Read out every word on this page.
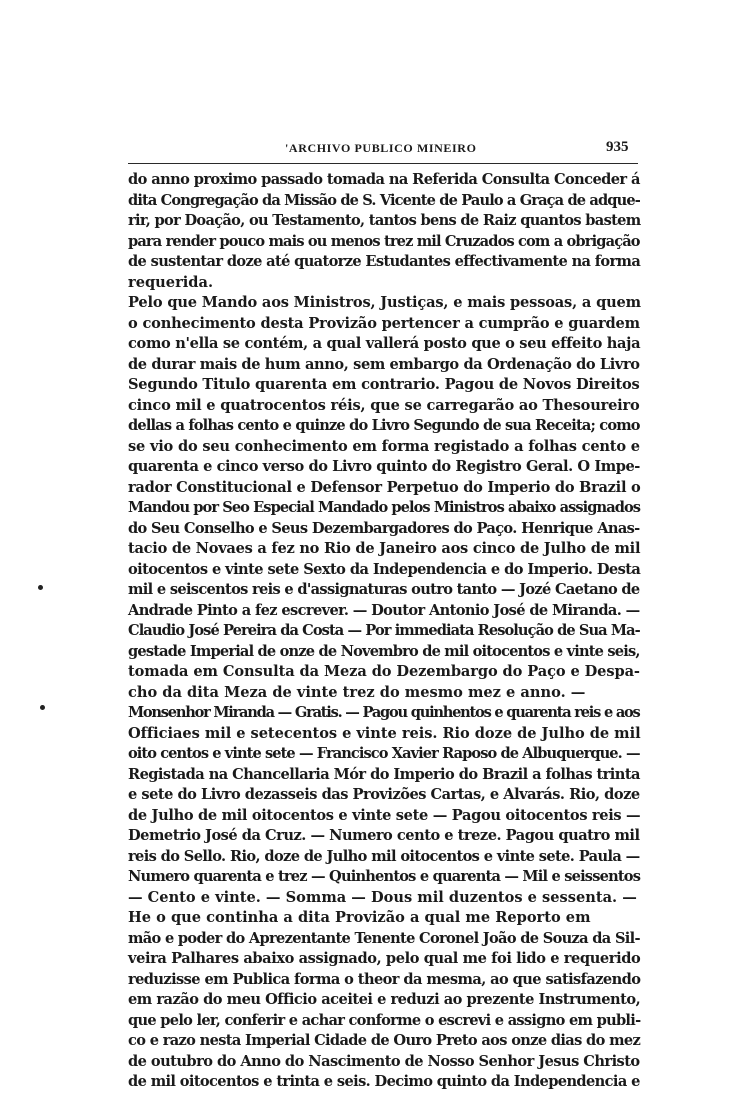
'ARCHIVO PUBLICO MINEIRO	935
do anno proximo passado tomada na Referida Consulta Conceder á
dita Congregação da Missão de S. Vicente de Paulo a Graça de adque-
rir, por Doação, ou Testamento, tantos bens de Raiz quantos bastem
para render pouco mais ou menos trez mil Cruzados com a obrigação
de sustentar doze até quatorze Estudantes effectivamente na forma
requerida.
Pelo que Mando aos Ministros, Justiças, e mais pessoas, a quem
o conhecimento desta Provizão pertencer a cumprão e guardem
como n'ella se contém, a qual vallerá posto que o seu effeito haja
de durar mais de hum anno, sem embargo da Ordenação do Livro
Segundo Titulo quarenta em contrario. Pagou de Novos Direitos
cinco mil e quatrocentos réis, que se carregarão ao Thesoureiro
dellas a folhas cento e quinze do Livro Segundo de sua Receita; como
se vio do seu conhecimento em forma registado a folhas cento e
quarenta e cinco verso do Livro quinto do Registro Geral. O Impe-
rador Constitucional e Defensor Perpetuo do Imperio do Brazil o
Mandou por Seo Especial Mandado pelos Ministros abaixo assignados
do Seu Conselho e Seus Dezembargadores do Paço. Henrique Anas-
tacio de Novaes a fez no Rio de Janeiro aos cinco de Julho de mil
oitocentos e vinte sete Sexto da Independencia e do Imperio. Desta
mil e seiscentos reis e d'assignaturas outro tanto — Jozé Caetano de
Andrade Pinto a fez escrever. — Doutor Antonio José de Miranda. —
Claudio José Pereira da Costa — Por immediata Resolução de Sua Ma-
gestade Imperial de onze de Novembro de mil oitocentos e vinte seis,
tomada em Consulta da Meza do Dezembargo do Paço e Despa-
cho da dita Meza de vinte trez do mesmo mez e anno. —
Monsenhor Miranda — Gratis. — Pagou quinhentos e quarenta reis e aos
Officiaes mil e setecentos e vinte reis. Rio doze de Julho de mil
oito centos e vinte sete — Francisco Xavier Raposo de Albuquerque. —
Registada na Chancellaria Mór do Imperio do Brazil a folhas trinta
e sete do Livro dezasseis das Provizões Cartas, e Alvarás. Rio, doze
de Julho de mil oitocentos e vinte sete — Pagou oitocentos reis —
Demetrio José da Cruz. — Numero cento e treze. Pagou quatro mil
reis do Sello. Rio, doze de Julho mil oitocentos e vinte sete. Paula —
Numero quarenta e trez — Quinhentos e quarenta — Mil e seissentos
— Cento e vinte. — Somma — Dous mil duzentos e sessenta. —
He o que continha a dita Provizão a qual me Reporto em
mão e poder do Aprezentante Tenente Coronel João de Souza da Sil-
veira Palhares abaixo assignado, pelo qual me foi lido e requerido
reduzisse em Publica forma o theor da mesma, ao que satisfazendo
em razão do meu Officio aceitei e reduzi ao prezente Instrumento,
que pelo ler, conferir e achar conforme o escrevi e assigno em publi-
co e razo nesta Imperial Cidade de Ouro Preto aos onze dias do mez
de outubro do Anno do Nascimento de Nosso Senhor Jesus Christo
de mil oitocentos e trinta e seis. Decimo quinto da Independencia e
